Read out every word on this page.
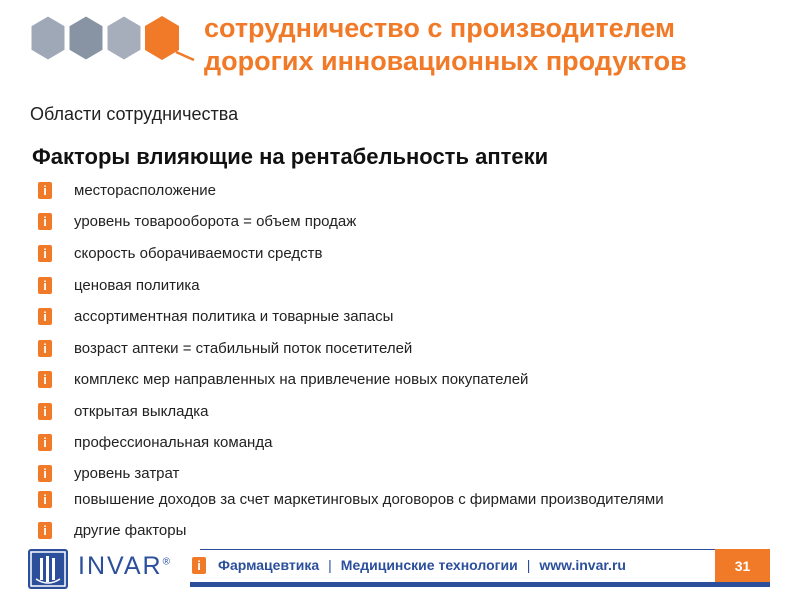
сотрудничество с производителем
дорогих инновационных продуктов
Области сотрудничества
Факторы влияющие на рентабельность аптеки
i	месторасположение
i	уровень товарооборота = объем продаж
i	скорость оборачиваемости средств
i	ценовая политика
i	ассортиментная политика и товарные запасы
i	возраст аптеки = стабильный поток посетителей
i	комплекс мер направленных на привлечение новых покупателей
i	открытая выкладка
i	профессиональная команда
i	уровень затрат
i	повышение доходов за счет маркетинговых договоров с фирмами производителями
i	другие факторы
INVAR®	i	Фармацевтика | Медицинские технологии | www.invar.ru	31
